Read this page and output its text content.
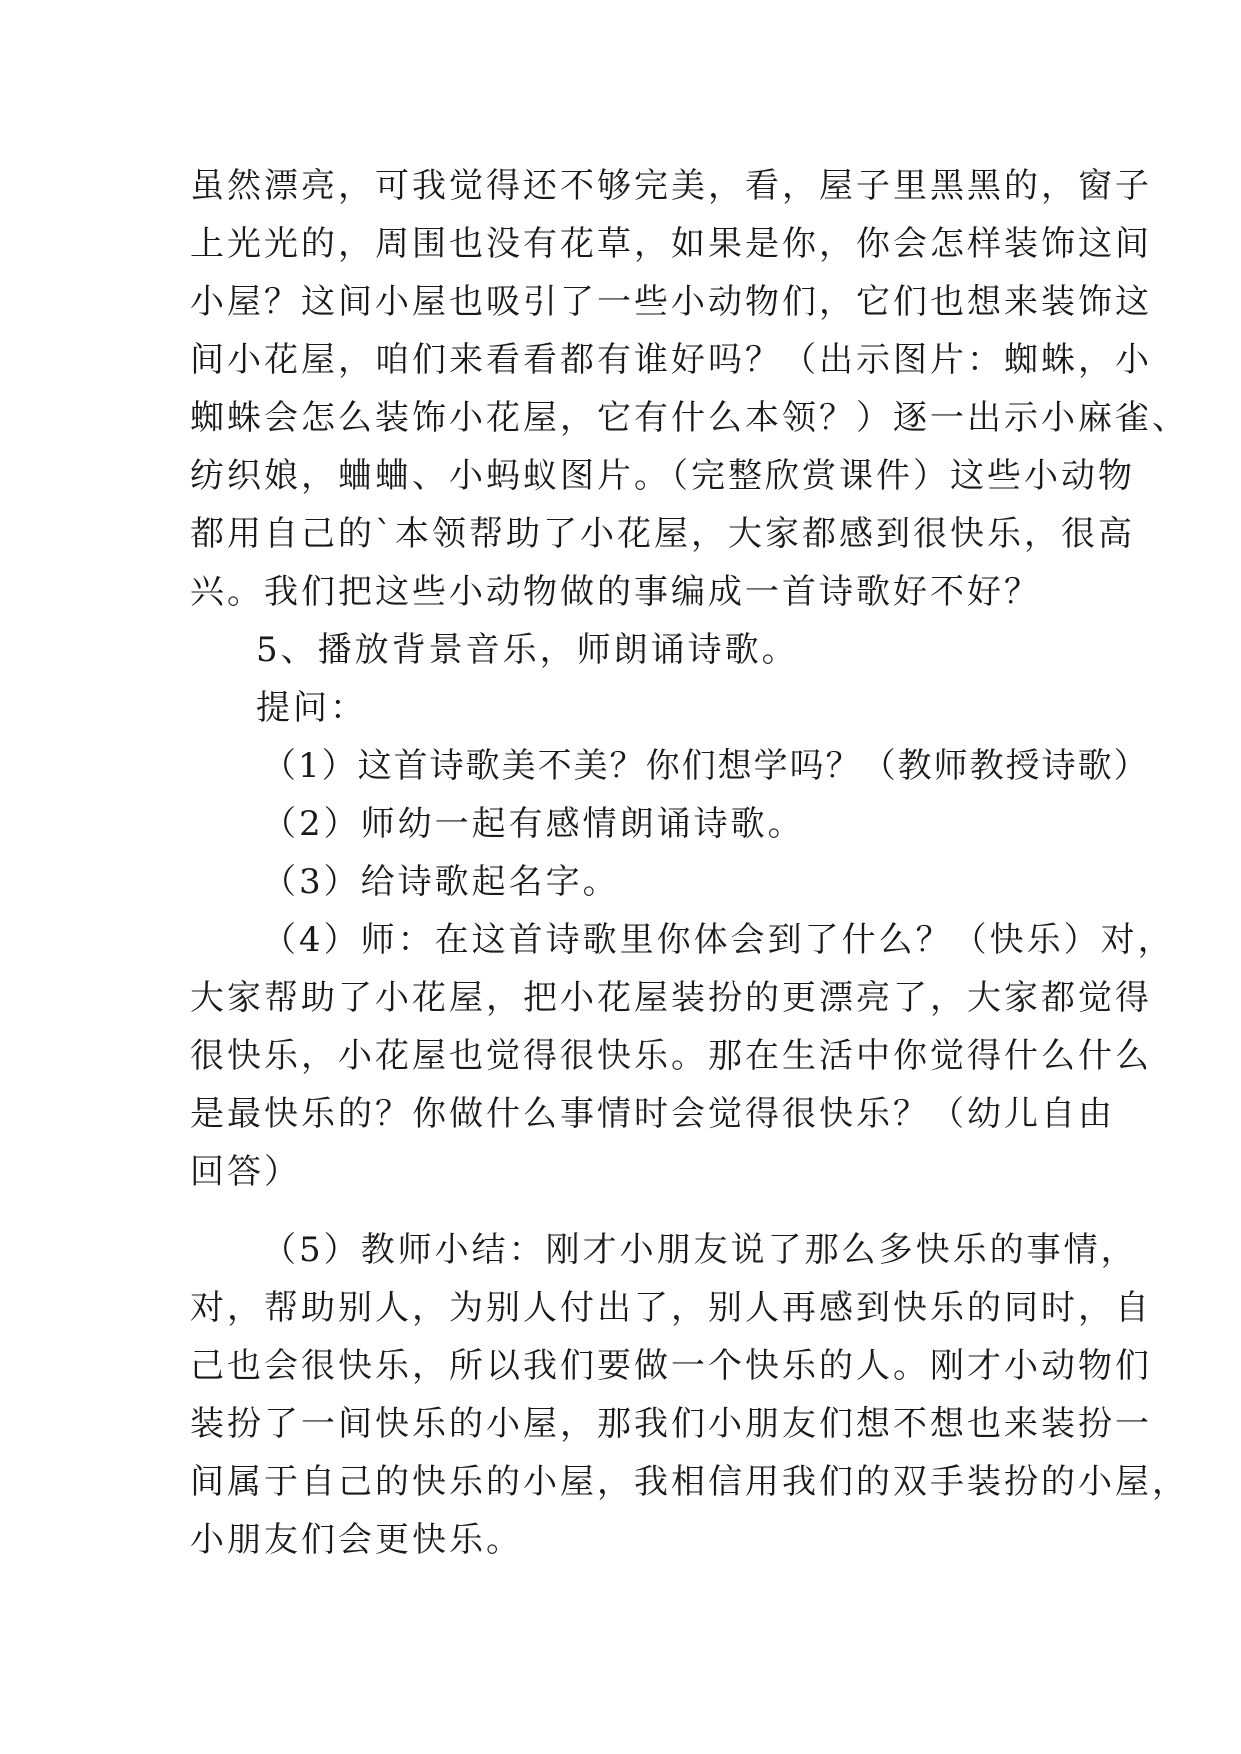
虽然漂亮，可我觉得还不够完美，看，屋子里黑黑的，窗子
上光光的，周围也没有花草，如果是你，你会怎样装饰这间
小屋？这间小屋也吸引了一些小动物们，它们也想来装饰这
间小花屋，咱们来看看都有谁好吗？（出示图片：蜘蛛，小
蜘蛛会怎么装饰小花屋，它有什么本领？）逐一出示小麻雀、
纺织娘，蛐蛐、小蚂蚁图片。（完整欣赏课件）这些小动物
都用自己的`本领帮助了小花屋，大家都感到很快乐，很高
兴。我们把这些小动物做的事编成一首诗歌好不好？
5、播放背景音乐，师朗诵诗歌。
提问：
（1）这首诗歌美不美？你们想学吗？（教师教授诗歌）
（2）师幼一起有感情朗诵诗歌。
（3）给诗歌起名字。
（4）师：在这首诗歌里你体会到了什么？（快乐）对，
大家帮助了小花屋，把小花屋装扮的更漂亮了，大家都觉得
很快乐，小花屋也觉得很快乐。那在生活中你觉得什么什么
是最快乐的？你做什么事情时会觉得很快乐？（幼儿自由
回答）
（5）教师小结：刚才小朋友说了那么多快乐的事情，
对，帮助别人，为别人付出了，别人再感到快乐的同时，自
己也会很快乐，所以我们要做一个快乐的人。刚才小动物们
装扮了一间快乐的小屋，那我们小朋友们想不想也来装扮一
间属于自己的快乐的小屋，我相信用我们的双手装扮的小屋，
小朋友们会更快乐。
